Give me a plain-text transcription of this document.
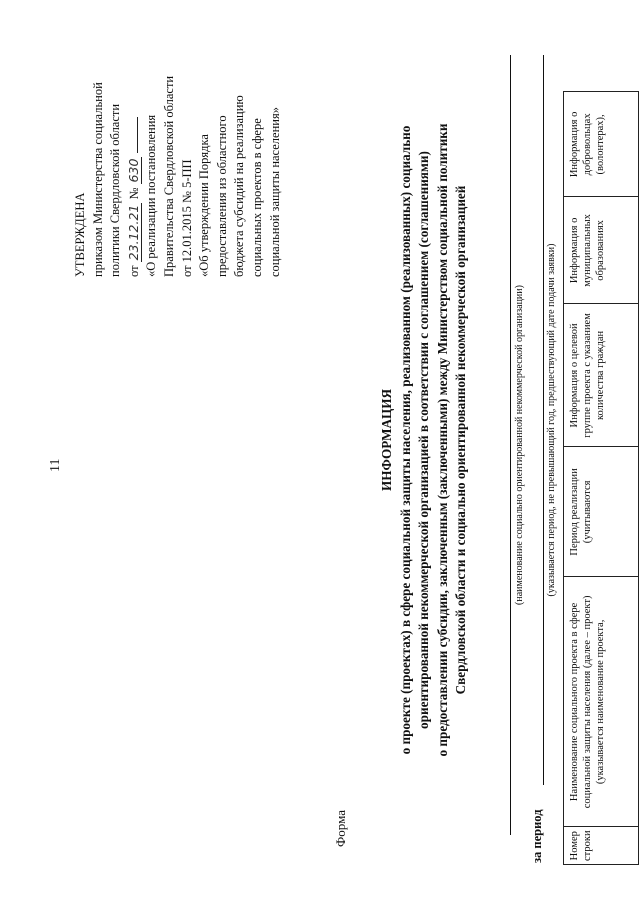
11
УТВЕРЖДЕНА приказом Министерства социальной политики Свердловской области от 23.12.21 № 630 «О реализации постановления Правительства Свердловской области от 12.01.2015 № 5-ПП «Об утверждении Порядка предоставления из областного бюджета субсидий на реализацию социальных проектов в сфере социальной защиты населения»
Форма
ИНФОРМАЦИЯ о проекте (проектах) в сфере социальной защиты населения, реализованном (реализованных) социально ориентированной некоммерческой организацией в соответствии с соглашением (соглашениями) о предоставлении субсидии, заключенным (заключенными) между Министерством социальной политики Свердловской области и социально ориентированной некоммерческой организацией	(наименование социально ориентированной некоммерческой организации)
за период
(указывается период, не превышающий год, предшествующий дате подачи заявки)
Номер строки	Наименование социального проекта в сфере социальной защиты населения (далее – проект) (указывается наименование проекта,	Период реализации (учитываются	Информация о целевой группе проекта с указанием количества граждан	Информация о муниципальных образованиях	Информация о добровольцах (волонтерах),
